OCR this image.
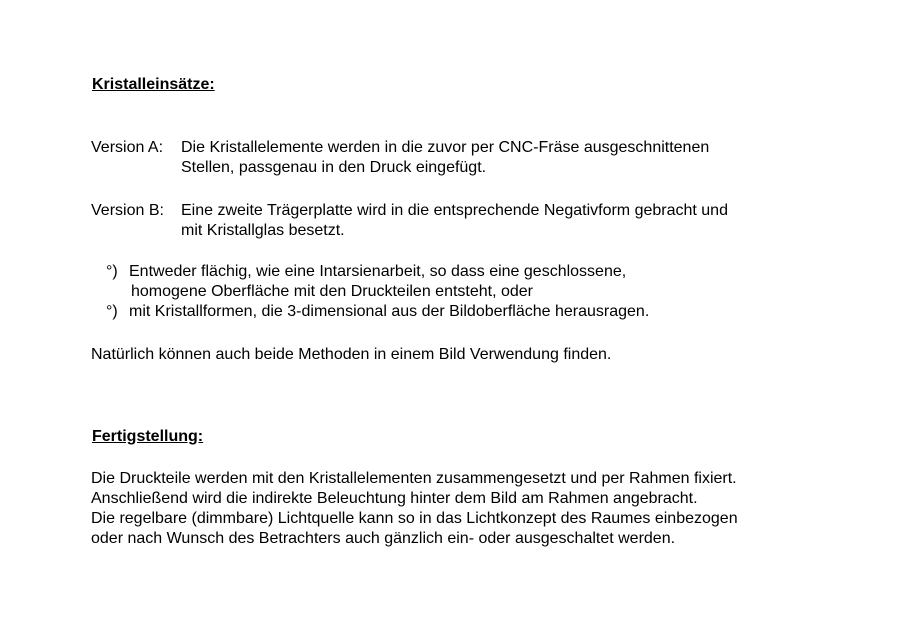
Kristalleinsätze:
Version A: Die Kristallelemente werden in die zuvor per CNC-Fräse ausgeschnittenen
Stellen, passgenau in den Druck eingefügt.
Version B: Eine zweite Trägerplatte wird in die entsprechende Negativform gebracht und
mit Kristallglas besetzt.
°) Entweder flächig, wie eine Intarsienarbeit, so dass eine geschlossene,
homogene Oberfläche mit den Druckteilen entsteht, oder
°) mit Kristallformen, die 3-dimensional aus der Bildoberfläche herausragen.
Natürlich können auch beide Methoden in einem Bild Verwendung finden.
Fertigstellung:
Die Druckteile werden mit den Kristallelementen zusammengesetzt und per Rahmen fixiert.
Anschließend wird die indirekte Beleuchtung hinter dem Bild am Rahmen angebracht.
Die regelbare (dimmbare) Lichtquelle kann so in das Lichtkonzept des Raumes einbezogen
oder nach Wunsch des Betrachters auch gänzlich ein- oder ausgeschaltet werden.
